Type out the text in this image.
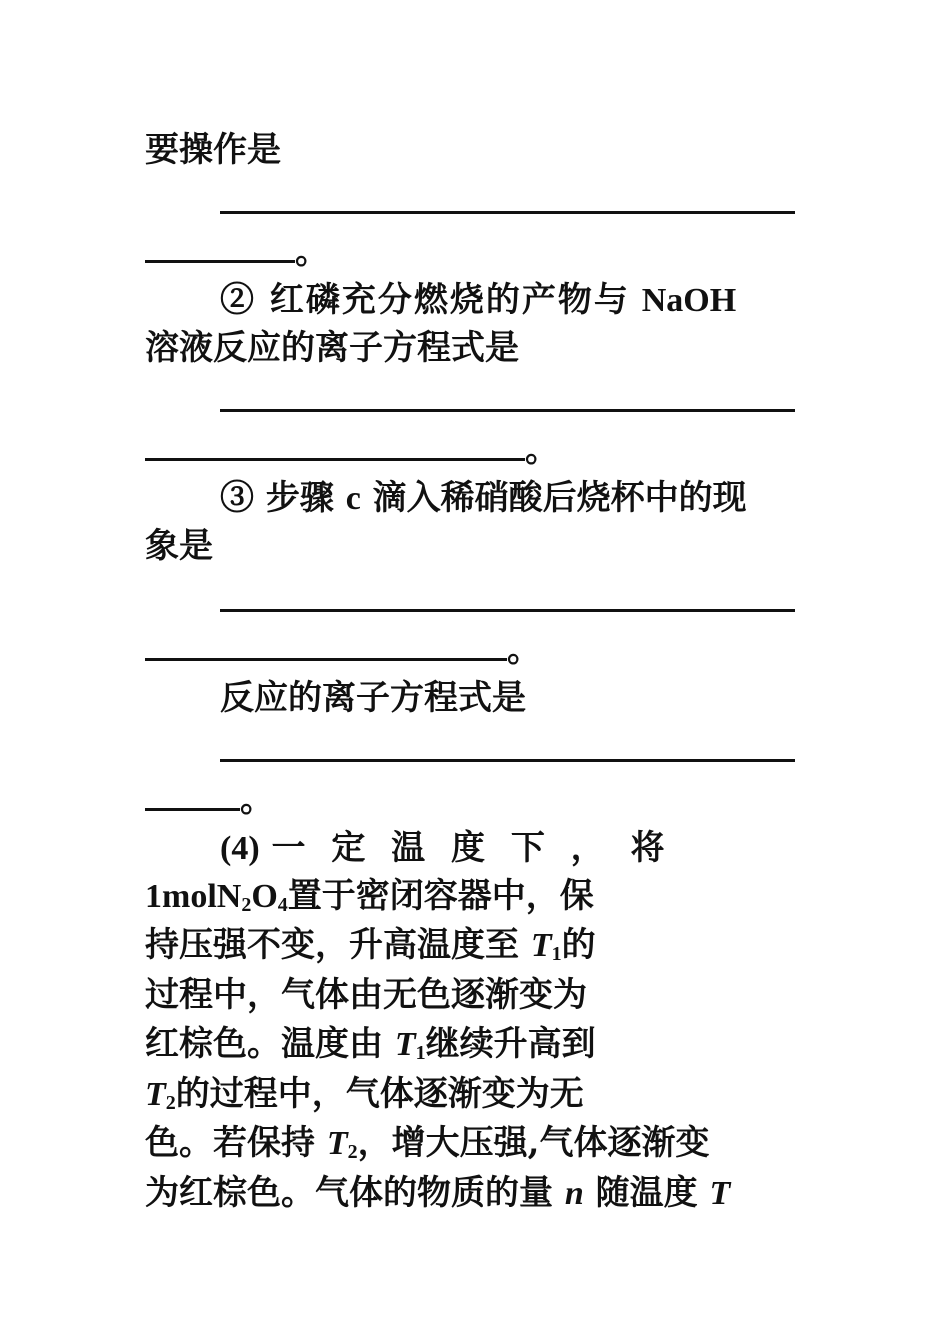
要操作是
。
② 红磷充分燃烧的产物与 NaOH
溶液反应的离子方程式是
。
③ 步骤 c 滴入稀硝酸后烧杯中的现
象是
。
反应的离子方程式是
。
(4) 一 定 温 度 下 ， 将
$1molN_2O_4$置于密闭容器中，保
持压强不变，升高温度至 $T_1$的
过程中，气体由无色逐渐变为
红棕色。温度由 $T_1$继续升高到
$T_2$的过程中，气体逐渐变为无
色。若保持 $T_2$，增大压强,气体逐渐变
为红棕色。气体的物质的量 n 随温度 T
